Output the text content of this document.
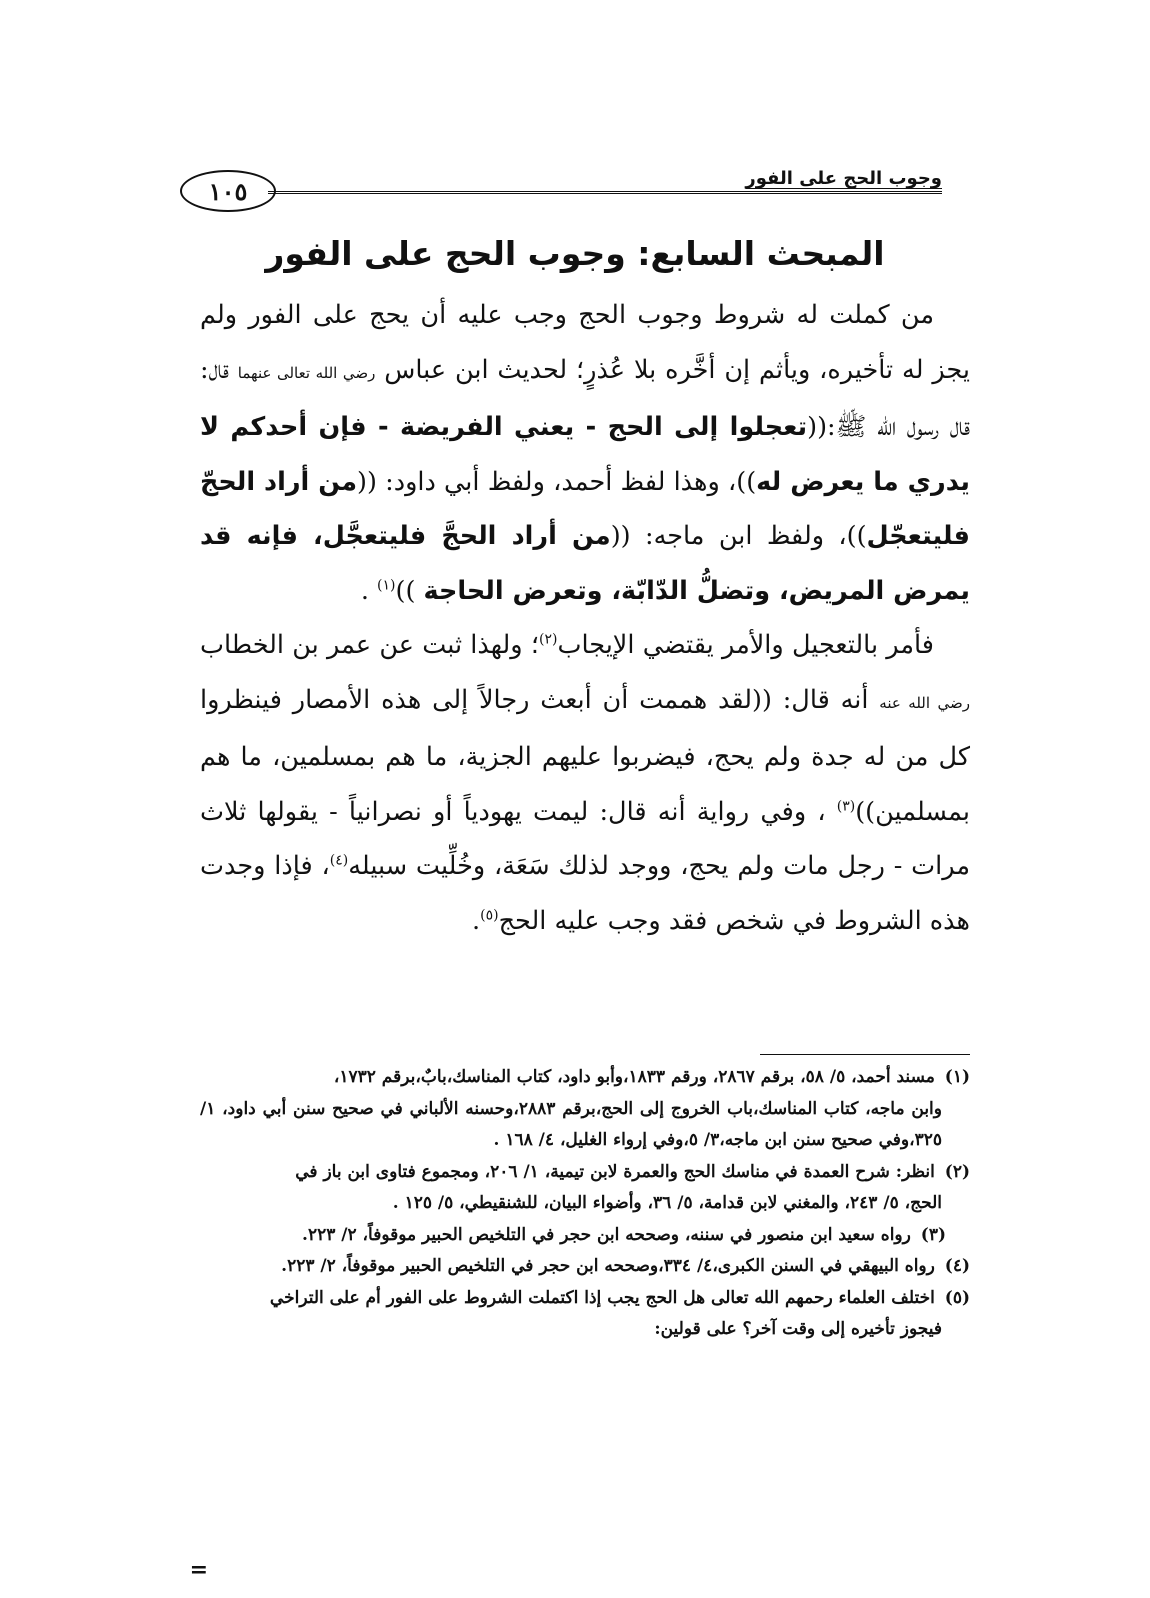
وجوب الحج على الفور
١٠٥
المبحث السابع: وجوب الحج على الفور

من كملت له شروط وجوب الحج وجب عليه أن يحج على الفور ولم يجز له تأخيره، ويأثم إن أخَّره بلا عُذرٍ؛ لحديث ابن عباس رضي الله تعالى عنهما قال: قال رسول الله ﷺ:((تعجلوا إلى الحج - يعني الفريضة - فإن أحدكم لا يدري ما يعرض له))، وهذا لفظ أحمد، ولفظ أبي داود: ((من أراد الحجّ فليتعجّل))، ولفظ ابن ماجه: ((من أراد الحجَّ فليتعجَّل، فإنه قد يمرض المريض، وتضلُّ الدّابّة، وتعرض الحاجة ))$^{(١)}$ .

فأمر بالتعجيل والأمر يقتضي الإيجاب$^{(٢)}$؛ ولهذا ثبت عن عمر بن الخطاب رضي الله عنه أنه قال: ((لقد هممت أن أبعث رجالاً إلى هذه الأمصار فينظروا كل من له جدة ولم يحج، فيضربوا عليهم الجزية، ما هم بمسلمين، ما هم بمسلمين))$^{(٣)}$ ، وفي رواية أنه قال: ليمت يهودياً أو نصرانياً - يقولها ثلاث مرات - رجل مات ولم يحج، ووجد لذلك سَعَة، وخُلِّيت سبيله$^{(٤)}$، فإذا وجدت هذه الشروط في شخص فقد وجب عليه الحج$^{(٥)}$.

(١) مسند أحمد، ٥/ ٥٨، برقم ٢٨٦٧، ورقم ١٨٣٣،وأبو داود، كتاب المناسك،بابٌ،برقم ١٧٣٢،
وابن ماجه، كتاب المناسك،باب الخروج إلى الحج،برقم ٢٨٨٣،وحسنه الألباني في صحيح سنن أبي داود، ١/ ٣٢٥،وفي صحيح سنن ابن ماجه،٣/ ٥،وفي إرواء الغليل، ٤/ ١٦٨ .

(٢) انظر: شرح العمدة في مناسك الحج والعمرة لابن تيمية، ١/ ٢٠٦، ومجموع فتاوى ابن باز في
الحج، ٥/ ٢٤٣، والمغني لابن قدامة، ٥/ ٣٦، وأضواء البيان، للشنقيطي، ٥/ ١٢٥ .

(٣) رواه سعيد ابن منصور في سننه، وصححه ابن حجر في التلخيص الحبير موقوفاً، ٢/ ٢٢٣.

(٤) رواه البيهقي في السنن الكبرى،٤/ ٣٣٤،وصححه ابن حجر في التلخيص الحبير موقوفاً، ٢/ ٢٢٣.

(٥) اختلف العلماء رحمهم الله تعالى هل الحج يجب إذا اكتملت الشروط على الفور أم على التراخي
فيجوز تأخيره إلى وقت آخر؟ على قولين:

=
